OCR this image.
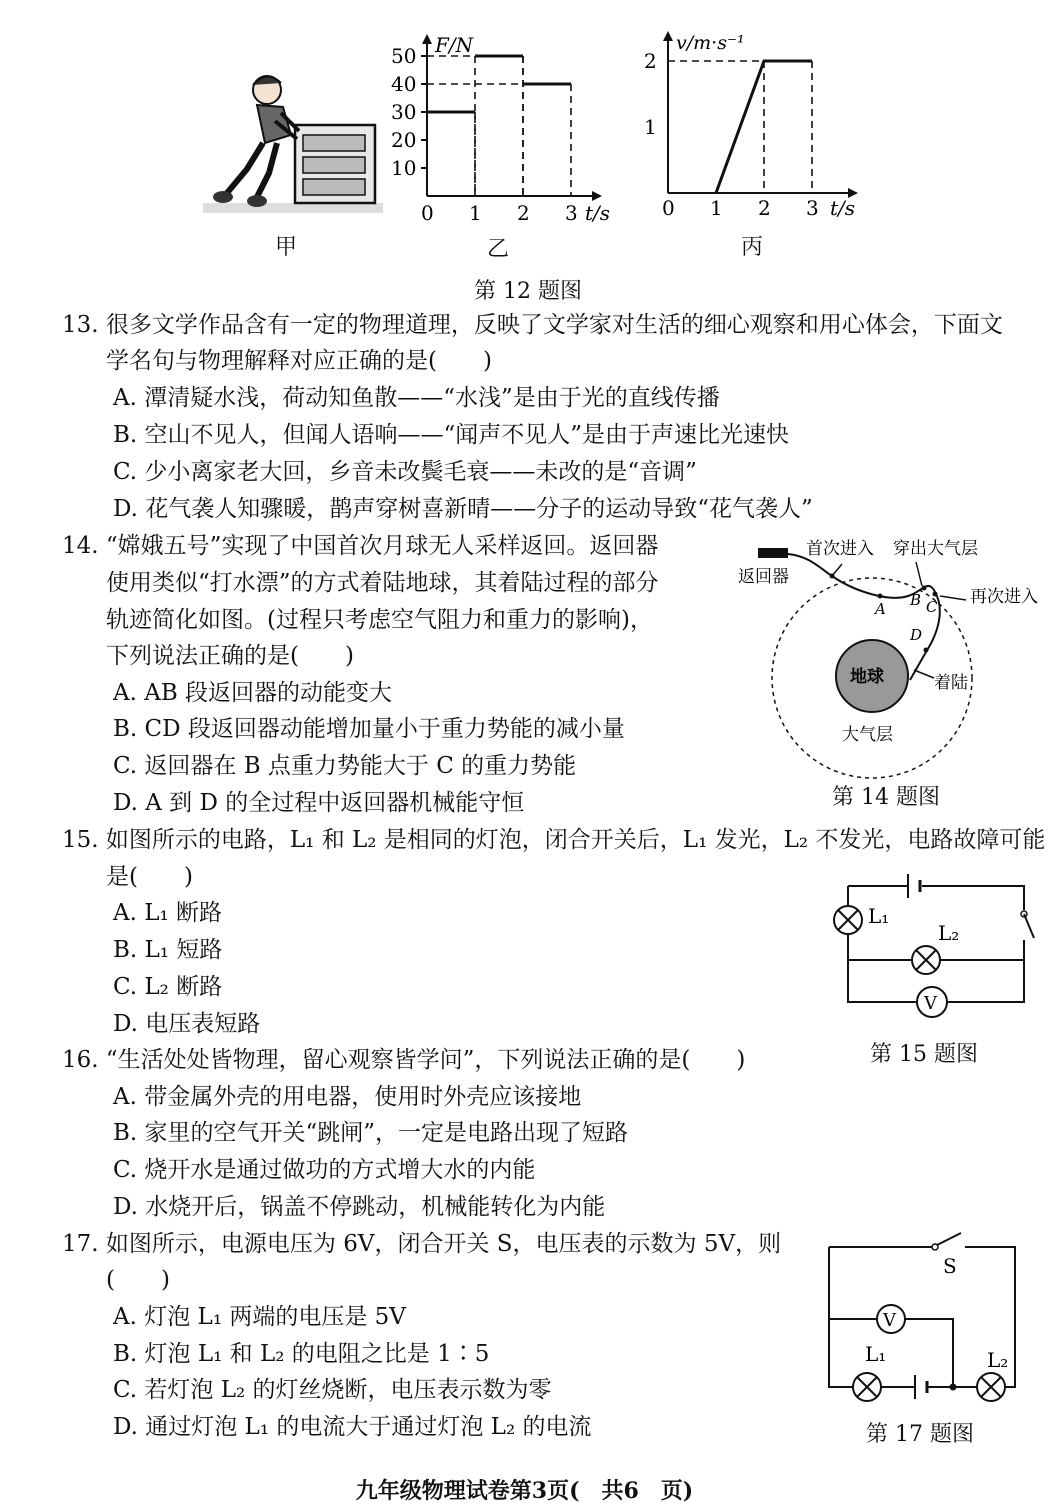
F/N
t/s
0 1 2 3
10
20
30
40
50
v/m·s⁻¹
t/s
0 1 2 3
1
2
甲	乙	丙
第 12 题图
13. 很多文学作品含有一定的物理道理，反映了文学家对生活的细心观察和用心体会，下面文
学名句与物理解释对应正确的是(　　)
A. 潭清疑水浅，荷动知鱼散——“水浅”是由于光的直线传播
B. 空山不见人，但闻人语响——“闻声不见人”是由于声速比光速快
C. 少小离家老大回，乡音未改鬓毛衰——未改的是“音调”
D. 花气袭人知骤暖，鹊声穿树喜新晴——分子的运动导致“花气袭人”
14. “嫦娥五号”实现了中国首次月球无人采样返回。返回器
使用类似“打水漂”的方式着陆地球，其着陆过程的部分
轨迹简化如图。(过程只考虑空气阻力和重力的影响)，
下列说法正确的是(　　)
A. AB 段返回器的动能变大
B. CD 段返回器动能增加量小于重力势能的减小量
C. 返回器在 B 点重力势能大于 C 的重力势能
D. A 到 D 的全过程中返回器机械能守恒
返回器
首次进入 穿出大气层
再次进入
着陆
地球
大气层
A B C
D
第 14 题图
15. 如图所示的电路，L₁ 和 L₂ 是相同的灯泡，闭合开关后，L₁ 发光，L₂ 不发光，电路故障可能
是(　　)
A. L₁ 断路
B. L₁ 短路
C. L₂ 断路
D. 电压表短路
V
L₁
L₂
第 15 题图
16. “生活处处皆物理，留心观察皆学问”，下列说法正确的是(　　)
A. 带金属外壳的用电器，使用时外壳应该接地
B. 家里的空气开关“跳闸”，一定是电路出现了短路
C. 烧开水是通过做功的方式增大水的内能
D. 水烧开后，锅盖不停跳动，机械能转化为内能
17. 如图所示，电源电压为 6V，闭合开关 S，电压表的示数为 5V，则
(　　)
A. 灯泡 L₁ 两端的电压是 5V
B. 灯泡 L₁ 和 L₂ 的电阻之比是 1∶5
C. 若灯泡 L₂ 的灯丝烧断，电压表示数为零
D. 通过灯泡 L₁ 的电流大于通过灯泡 L₂ 的电流
V
S
L₁	L₂
第 17 题图
九年级物理试卷第3页(　共6　页)
